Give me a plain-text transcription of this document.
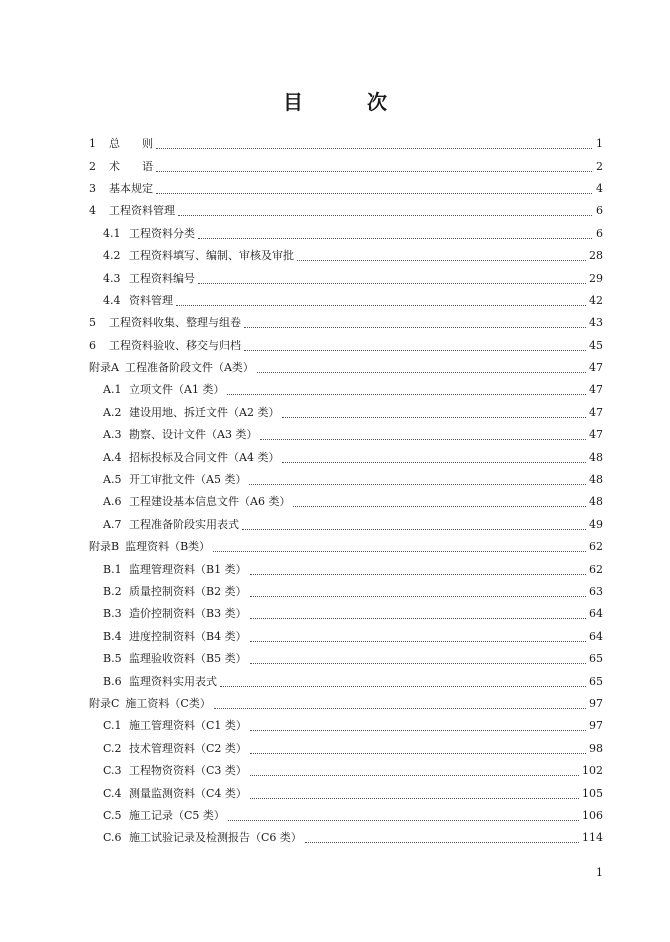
目　次
1	总　　则	1
2	术　　语	2
3	基本规定	4
4	工程资料管理	6
4.1 工程资料分类	6
4.2 工程资料填写、编制、审核及审批	28
4.3 工程资料编号	29
4.4 资料管理	42
5	工程资料收集、整理与组卷	43
6	工程资料验收、移交与归档	45
附录A 工程准备阶段文件（A类）	47
A.1 立项文件（A1 类）	47
A.2 建设用地、拆迁文件（A2 类）	47
A.3 勘察、设计文件（A3 类）	47
A.4 招标投标及合同文件（A4 类）	48
A.5 开工审批文件（A5 类）	48
A.6 工程建设基本信息文件（A6 类）	48
A.7 工程准备阶段实用表式	49
附录B 监理资料（B类）	62
B.1 监理管理资料（B1 类）	62
B.2 质量控制资料（B2 类）	63
B.3 造价控制资料（B3 类）	64
B.4 进度控制资料（B4 类）	64
B.5 监理验收资料（B5 类）	65
B.6 监理资料实用表式	65
附录C 施工资料（C类）	97
C.1 施工管理资料（C1 类）	97
C.2 技术管理资料（C2 类）	98
C.3 工程物资资料（C3 类）	102
C.4 测量监测资料（C4 类）	105
C.5 施工记录（C5 类）	106
C.6 施工试验记录及检测报告（C6 类）	114
1
